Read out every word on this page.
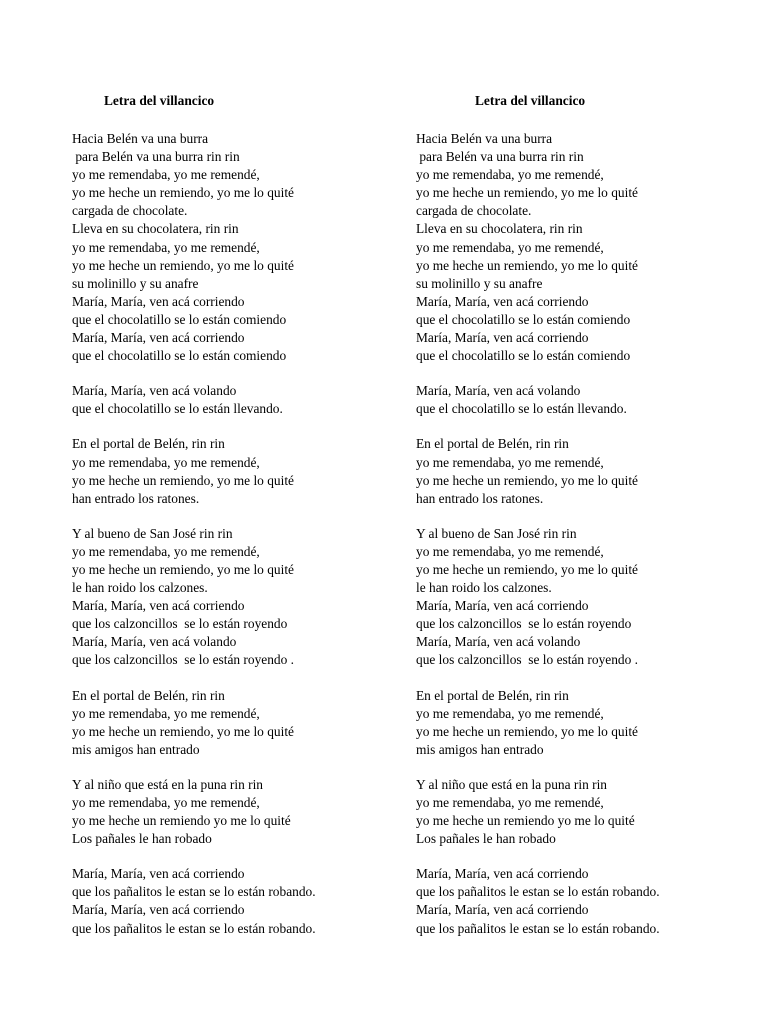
Letra del villancico
Hacia Belén va una burra
para Belén va una burra rin rin
yo me remendaba, yo me remendé,
yo me heche un remiendo, yo me lo quité
cargada de chocolate.
Lleva en su chocolatera, rin rin
yo me remendaba, yo me remendé,
yo me heche un remiendo, yo me lo quité
su molinillo y su anafre
María, María, ven acá corriendo
que el chocolatillo se lo están comiendo
María, María, ven acá corriendo
que el chocolatillo se lo están comiendo
María, María, ven acá volando
que el chocolatillo se lo están llevando.
En el portal de Belén, rin rin
yo me remendaba, yo me remendé,
yo me heche un remiendo, yo me lo quité
han entrado los ratones.
Y al bueno de San José rin rin
yo me remendaba, yo me remendé,
yo me heche un remiendo, yo me lo quité
le han roido los calzones.
María, María, ven acá corriendo
que los calzoncillos  se lo están royendo
María, María, ven acá volando
que los calzoncillos  se lo están royendo .
En el portal de Belén, rin rin
yo me remendaba, yo me remendé,
yo me heche un remiendo, yo me lo quité
mis amigos han entrado
Y al niño que está en la puna rin rin
yo me remendaba, yo me remendé,
yo me heche un remiendo yo me lo quité
Los pañales le han robado
María, María, ven acá corriendo
que los pañalitos le estan se lo están robando.
María, María, ven acá corriendo
que los pañalitos le estan se lo están robando.
Letra del villancico
Hacia Belén va una burra
para Belén va una burra rin rin
yo me remendaba, yo me remendé,
yo me heche un remiendo, yo me lo quité
cargada de chocolate.
Lleva en su chocolatera, rin rin
yo me remendaba, yo me remendé,
yo me heche un remiendo, yo me lo quité
su molinillo y su anafre
María, María, ven acá corriendo
que el chocolatillo se lo están comiendo
María, María, ven acá corriendo
que el chocolatillo se lo están comiendo
María, María, ven acá volando
que el chocolatillo se lo están llevando.
En el portal de Belén, rin rin
yo me remendaba, yo me remendé,
yo me heche un remiendo, yo me lo quité
han entrado los ratones.
Y al bueno de San José rin rin
yo me remendaba, yo me remendé,
yo me heche un remiendo, yo me lo quité
le han roido los calzones.
María, María, ven acá corriendo
que los calzoncillos  se lo están royendo
María, María, ven acá volando
que los calzoncillos  se lo están royendo .
En el portal de Belén, rin rin
yo me remendaba, yo me remendé,
yo me heche un remiendo, yo me lo quité
mis amigos han entrado
Y al niño que está en la puna rin rin
yo me remendaba, yo me remendé,
yo me heche un remiendo yo me lo quité
Los pañales le han robado
María, María, ven acá corriendo
que los pañalitos le estan se lo están robando.
María, María, ven acá corriendo
que los pañalitos le estan se lo están robando.
